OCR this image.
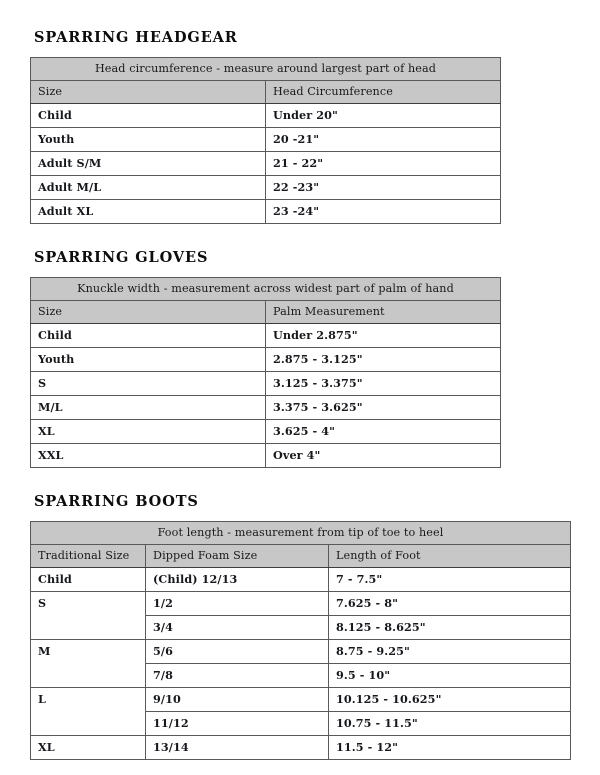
SPARRING HEADGEAR
Head circumference - measure around largest part of head	
Size	Head Circumference
Child	Under 20"
Youth	20 -21"
Adult S/M	21 - 22"
Adult M/L	22 -23"
Adult XL	23 -24"
SPARRING GLOVES
Knuckle width - measurement across widest part of palm of hand	
Size	Palm Measurement
Child	Under 2.875"
Youth	2.875 - 3.125"
S	3.125 - 3.375"
M/L	3.375 - 3.625"
XL	3.625 - 4"
XXL	Over 4"
SPARRING BOOTS
Foot length - measurement from tip of toe to heel		
Traditional Size	Dipped Foam Size	Length of Foot
Child	(Child) 12/13	7 - 7.5"
S	1/2	7.625 - 8"
	3/4	8.125 - 8.625"
M	5/6	8.75 - 9.25"
	7/8	9.5 - 10"
L	9/10	10.125 - 10.625"
	11/12	10.75 - 11.5"
XL	13/14	11.5 - 12"
